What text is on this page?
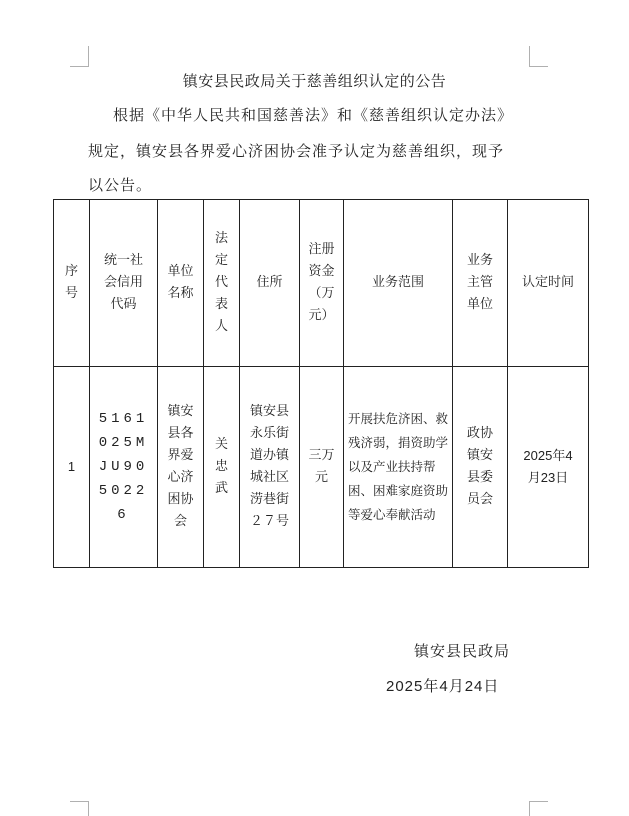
镇安县民政局关于慈善组织认定的公告
根据《中华人民共和国慈善法》和《慈善组织认定办法》
规定，镇安县各界爱心济困协会准予认定为慈善组织，现予
以公告。
序号	统一社会信用代码	单位名称	法定代表人	住所	注册资金（万元）	业务范围	业务主管单位	认定时间
1	5161025MJU9050226	镇安县各界爱心济困协会	关忠武	镇安县永乐街道办镇城社区涝巷街２７号	三万元	开展扶危济困、救残济弱，捐资助学以及产业扶持帮困、困难家庭资助等爱心奉献活动	政协镇安县委员会	2025年4月23日
镇安县民政局
2025年4月24日
